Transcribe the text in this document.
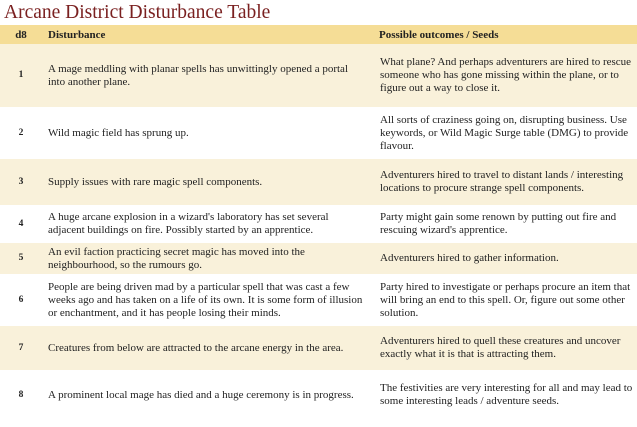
Arcane District Disturbance Table
d8	Disturbance	Possible outcomes / Seeds
1	A mage meddling with planar spells has unwittingly opened a portal into another plane.	What plane? And perhaps adventurers are hired to rescue someone who has gone missing within the plane, or to figure out a way to close it.
2	Wild magic field has sprung up.	All sorts of craziness going on, disrupting business. Use keywords, or Wild Magic Surge table (DMG) to provide flavour.
3	Supply issues with rare magic spell components.	Adventurers hired to travel to distant lands / interesting locations to procure strange spell components.
4	A huge arcane explosion in a wizard's laboratory has set several adjacent buildings on fire. Possibly started by an apprentice.	Party might gain some renown by putting out fire and rescuing wizard's apprentice.
5	An evil faction practicing secret magic has moved into the neighbourhood, so the rumours go.	Adventurers hired to gather information.
6	People are being driven mad by a particular spell that was cast a few weeks ago and has taken on a life of its own. It is some form of illusion or enchantment, and it has people losing their minds.	Party hired to investigate or perhaps procure an item that will bring an end to this spell. Or, figure out some other solution.
7	Creatures from below are attracted to the arcane energy in the area.	Adventurers hired to quell these creatures and uncover exactly what it is that is attracting them.
8	A prominent local mage has died and a huge ceremony is in progress.	The festivities are very interesting for all and may lead to some interesting leads / adventure seeds.
